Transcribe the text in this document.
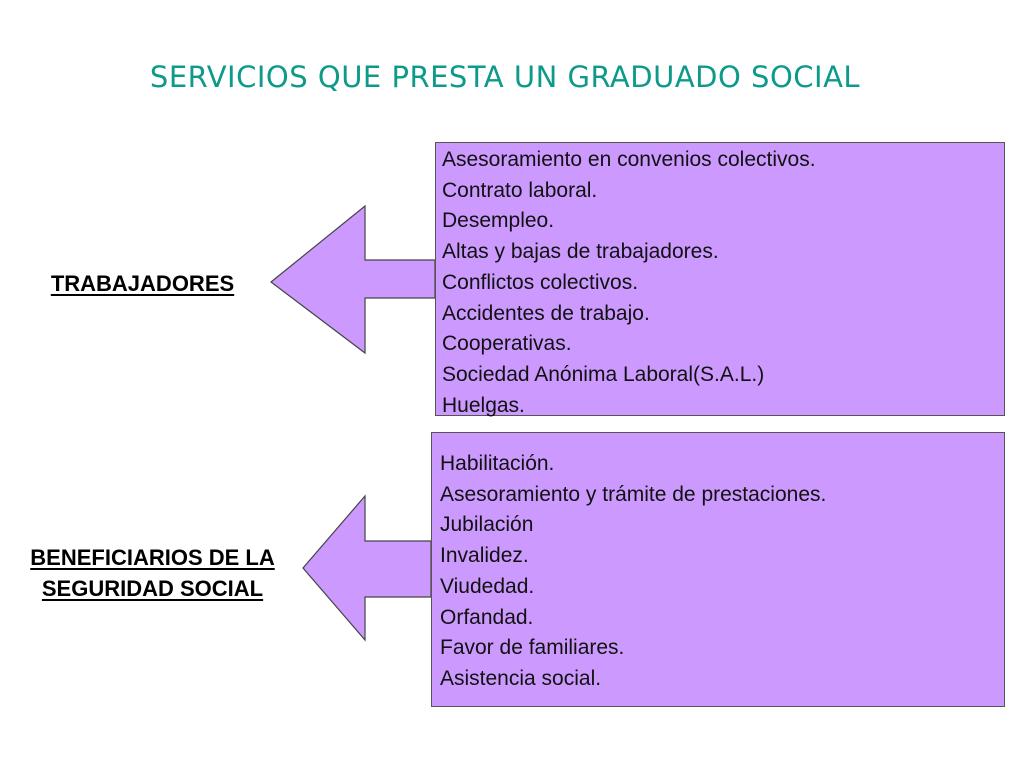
SERVICIOS QUE PRESTA UN GRADUADO SOCIAL
Asesoramiento en convenios colectivos.
Contrato laboral.
Desempleo.
Altas y bajas de trabajadores.
Conflictos colectivos.
Accidentes de trabajo.
Cooperativas.
Sociedad Anónima Laboral(S.A.L.)
Huelgas.
Habilitación.
Asesoramiento y trámite de prestaciones.
Jubilación
Invalidez.
Viudedad.
Orfandad.
Favor de familiares.
Asistencia social.
TRABAJADORES
BENEFICIARIOS DE LA
SEGURIDAD SOCIAL
